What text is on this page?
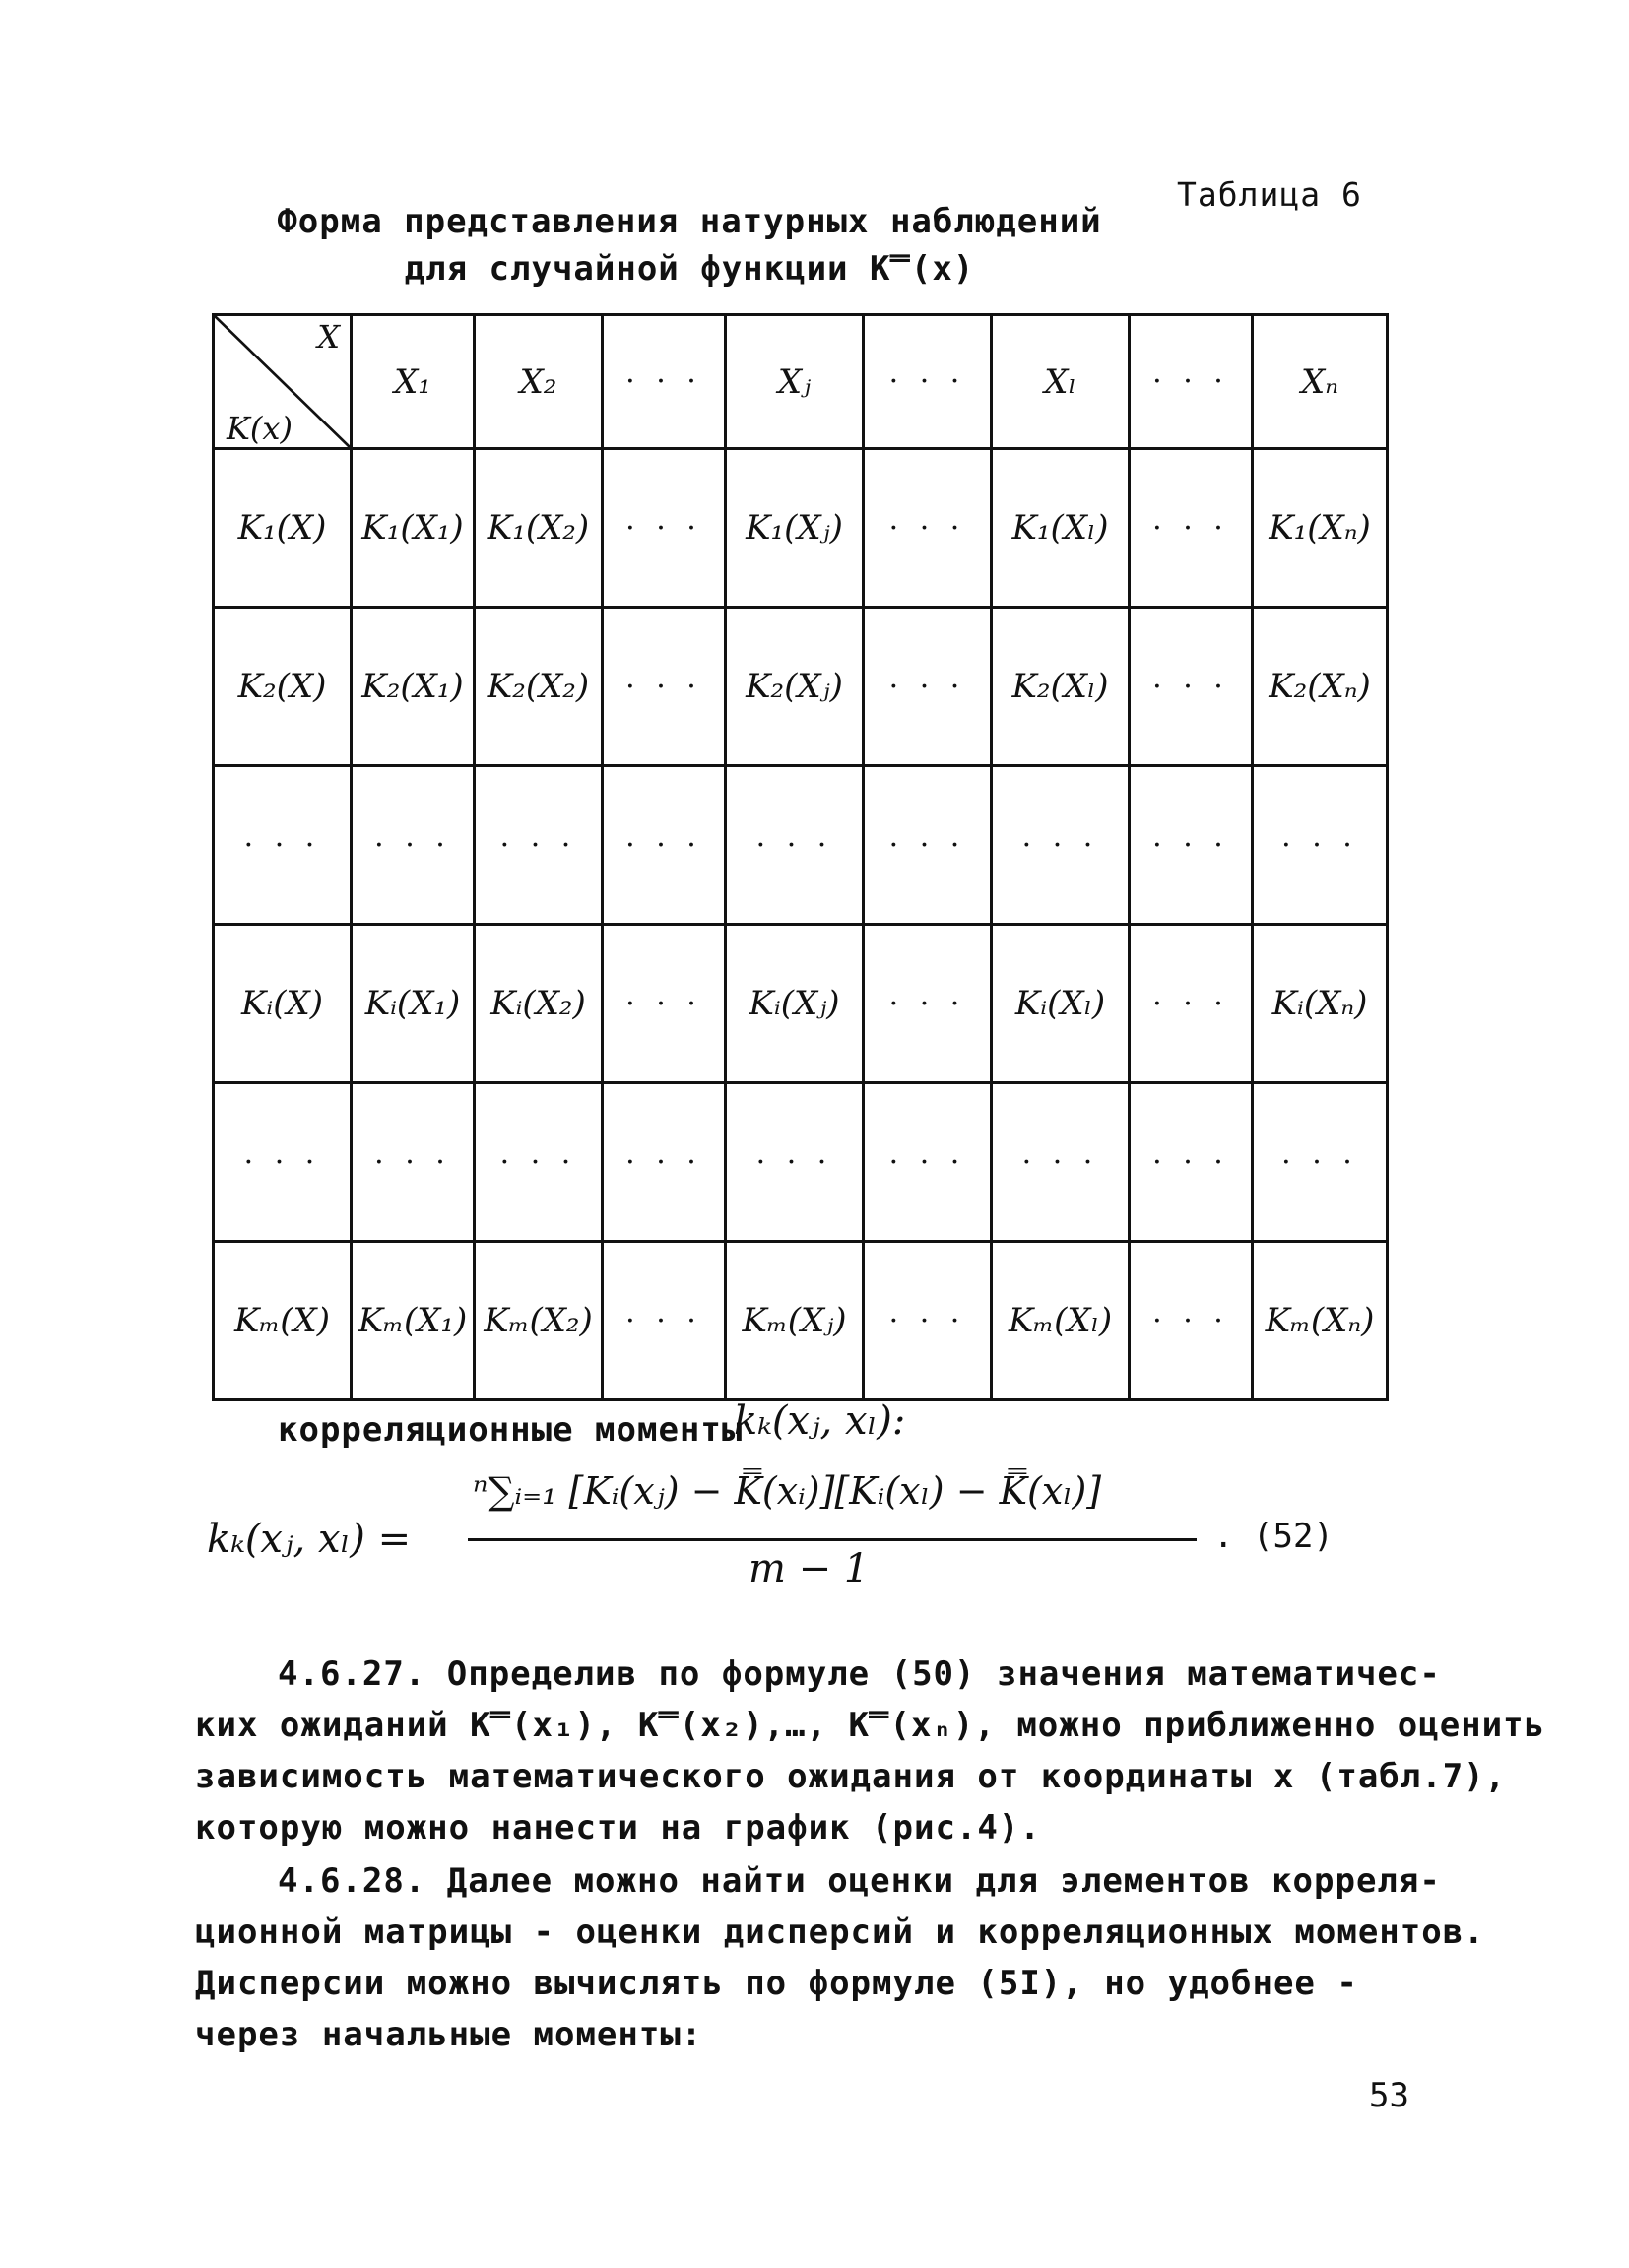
Таблица 6
Форма представления натурных наблюдений
для случайной функции K̿(x)
X
K(x)	X₁	X₂	· · ·	Xⱼ	· · ·	Xₗ	· · ·	Xₙ
K₁(X)	K₁(X₁)	K₁(X₂)	· · ·	K₁(Xⱼ)	· · ·	K₁(Xₗ)	· · ·	K₁(Xₙ)
K₂(X)	K₂(X₁)	K₂(X₂)	· · ·	K₂(Xⱼ)	· · ·	K₂(Xₗ)	· · ·	K₂(Xₙ)
· · ·	· · ·	· · ·	· · ·	· · ·	· · ·	· · ·	· · ·	· · ·
Kᵢ(X)	Kᵢ(X₁)	Kᵢ(X₂)	· · ·	Kᵢ(Xⱼ)	· · ·	Kᵢ(Xₗ)	· · ·	Kᵢ(Xₙ)
· · ·	· · ·	· · ·	· · ·	· · ·	· · ·	· · ·	· · ·	· · ·
Kₘ(X)	Kₘ(X₁)	Kₘ(X₂)	· · ·	Kₘ(Xⱼ)	· · ·	Kₘ(Xₗ)	· · ·	Kₘ(Xₙ)
корреляционные моменты
kₖ(xⱼ, xₗ):
kₖ(xⱼ, xₗ) =
ⁿ∑ᵢ₌₁ [Kᵢ(xⱼ) − K̿(xᵢ)][Kᵢ(xₗ) − K̿(xₗ)]
m − 1
. (52)
4.6.27. Определив по формуле (50) значения математичес-
ких ожиданий K̿(x₁), K̿(x₂),…, K̿(xₙ), можно приближенно оценить
зависимость математического ожидания от координаты x (табл.7),
которую можно нанести на график (рис.4).
4.6.28. Далее можно найти оценки для элементов корреля-
ционной матрицы - оценки дисперсий и корреляционных моментов.
Дисперсии можно вычислять по формуле (5I), но удобнее -
через начальные моменты:
53
